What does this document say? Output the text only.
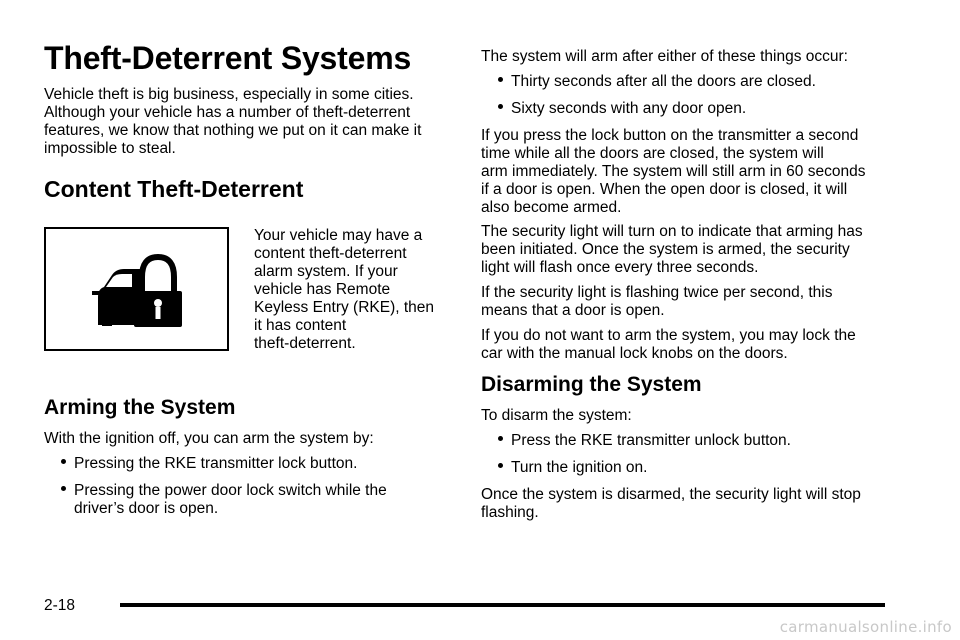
Theft-Deterrent Systems

Vehicle theft is big business, especially in some cities.

Although your vehicle has a number of theft-deterrent

features, we know that nothing we put on it can make it

impossible to steal.

Content Theft-Deterrent

Your vehicle may have a

content theft-deterrent

alarm system. If your

vehicle has Remote

Keyless Entry (RKE), then

it has content

theft-deterrent.

Arming the System

With the ignition off, you can arm the system by:

Pressing the RKE transmitter lock button.
Pressing the power door lock switch while the
driver’s door is open.

The system will arm after either of these things occur:

Thirty seconds after all the doors are closed.
Sixty seconds with any door open.

If you press the lock button on the transmitter a second

time while all the doors are closed, the system will

arm immediately. The system will still arm in 60 seconds

if a door is open. When the open door is closed, it will

also become armed.

The security light will turn on to indicate that arming has

been initiated. Once the system is armed, the security

light will flash once every three seconds.

If the security light is flashing twice per second, this

means that a door is open.

If you do not want to arm the system, you may lock the

car with the manual lock knobs on the doors.

Disarming the System

To disarm the system:

Press the RKE transmitter unlock button.
Turn the ignition on.

Once the system is disarmed, the security light will stop

flashing.

2-18
carmanualsonline.info
